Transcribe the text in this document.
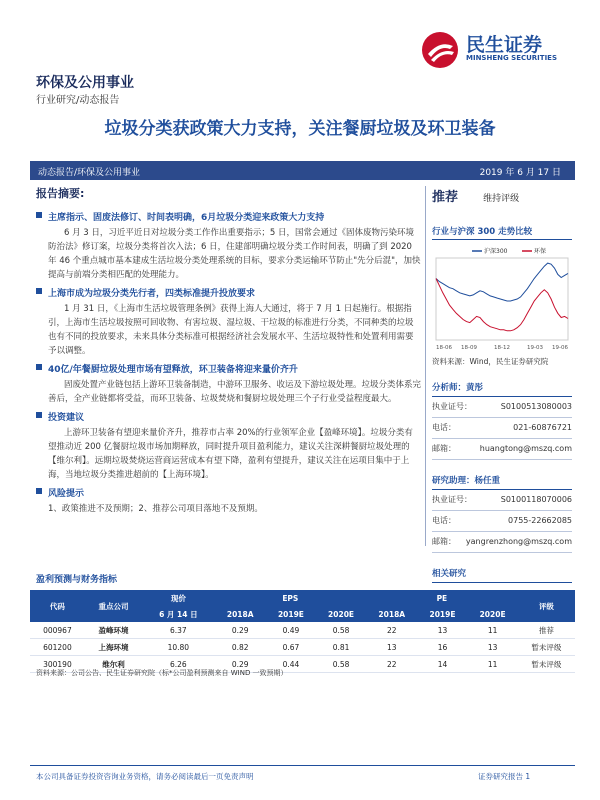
民生证券
MINSHENG SECURITIES
环保及公用事业
行业研究/动态报告
垃圾分类获政策大力支持，关注餐厨垃圾及环卫装备
动态报告/环保及公用事业	2019 年 6 月 17 日
报告摘要:
主席指示、固废法修订、时间表明确，6月垃圾分类迎来政策大力支持

6 月 3 日，习近平近日对垃圾分类工作作出重要指示；5 日，国常会通过《固体废物污染环境防治法》修订案，垃圾分类将首次入法；6 日，住建部明确垃圾分类工作时间表，明确了到 2020 年 46 个重点城市基本建成生活垃圾分类处理系统的目标，要求分类运输环节防止"先分后混"，加快提高与前端分类相匹配的处理能力。

上海市成为垃圾分类先行者，四类标准提升投放要求

1 月 31 日，《上海市生活垃圾管理条例》获得上海人大通过，将于 7 月 1 日起施行。根据指引，上海市生活垃圾按照可回收物、有害垃圾、湿垃圾、干垃圾的标准进行分类，不同种类的垃圾也有不同的投放要求，未来具体分类标准可根据经济社会发展水平、生活垃圾特性和处置利用需要予以调整。

40亿/年餐厨垃圾处理市场有望释放，环卫装备将迎来量价齐升

固废处置产业链包括上游环卫装备制造，中游环卫服务、收运及下游垃圾处理。垃圾分类体系完善后，全产业链都将受益，而环卫装备、垃圾焚烧和餐厨垃圾处理三个子行业受益程度最大。

投资建议

上游环卫装备有望迎来量价齐升，推荐市占率 20%的行业领军企业【盈峰环境】。垃圾分类有望推动近 200 亿餐厨垃圾市场加期释放，同时提升项目盈利能力，建议关注深耕餐厨垃圾处理的【维尔利】。远期垃圾焚烧运营商运营成本有望下降，盈利有望提升，建议关注在运项目集中于上海，当地垃圾分类推进超前的【上海环境】。

风险提示

1、政策推进不及预期；2、推荐公司项目落地不及预期。

推荐	维持评级
行业与沪深 300 走势比较
沪深300	环保
18-06 18-09	18-12	19-03 19-06
资料来源：Wind，民生证券研究院
分析师：黄彤
执业证号：	S0100513080003
电话：	021-60876721
邮箱：	huangtong@mszq.com
研究助理：杨任重
执业证号：	S0100118070006
电话：	0755-22662085
邮箱： yangrenzhong@mszq.com
相关研究
盈利预测与财务指标
代码	重点公司	现价	EPS			PE			评级
		6 月 14 日	2018A	2019E	2020E	2018A	2019E	2020E	
000967	盈峰环境	6.37	0.29	0.49	0.58	22	13	11	推荐
601200	上海环境	10.80	0.82	0.67	0.81	13	16	13	暂未评级
300190	维尔利	6.26	0.29	0.44	0.58	22	14	11	暂未评级
资料来源：公司公告、民生证券研究院（标*公司盈利预测来自 WIND 一致预期）
本公司具备证券投资咨询业务资格，请务必阅读最后一页免责声明	证券研究报告 1
